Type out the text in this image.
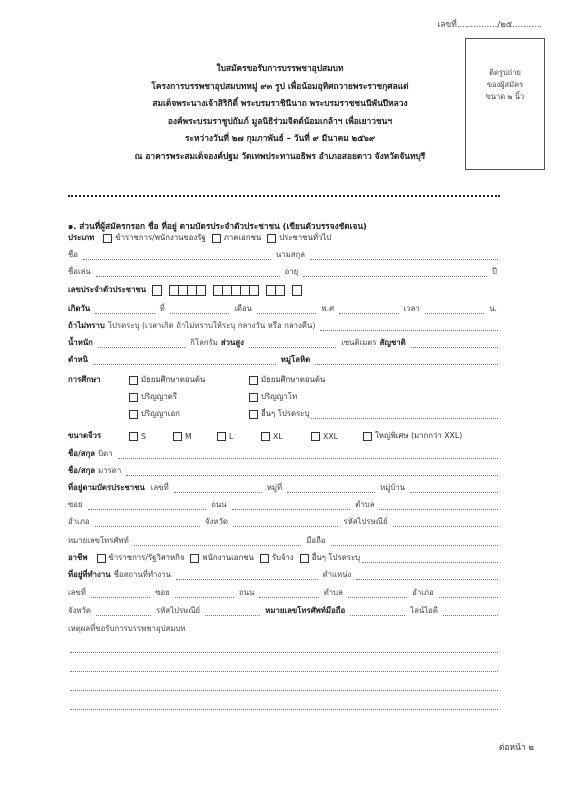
เลขที่.............../๒๕...........
ติดรูปถ่าย
ของผู้สมัคร
ขนาด ๒ นิ้ว
ใบสมัครขอรับการบรรพชาอุปสมบท
โครงการบรรพชาอุปสมบทหมู่ ๙๓ รูป เพื่อน้อมอุทิศถวายพระราชกุศลแด่
สมเด็จพระนางเจ้าสิริกิติ์ พระบรมราชินีนาถ พระบรมราชชนนีพันปีหลวง
องค์พระบรมราชูปถัมภ์ มูลนิธิร่วมจิตต์น้อมเกล้าฯ เพื่อเยาวชนฯ
ระหว่างวันที่ ๒๗ กุมภาพันธ์ – วันที่ ๙ มีนาคม ๒๕๖๙
ณ อาคารพระสมเด็จองค์ปฐม วัดเทพประทานอธิพร อำเภอสอยดาว จังหวัดจันทบุรี
๑. ส่วนที่ผู้สมัครกรอก ชื่อ ที่อยู่ ตามบัตรประจำตัวประชาชน (เขียนตัวบรรจงชัดเจน)
ประเภท	ข้าราชการ/พนักงานของรัฐ ภาคเอกชน ประชาชนทั่วไป
ชื่อ	นามสกุล
ชื่อเล่น	อายุ	ปี
เลขประจำตัวประชาชน
เกิดวัน	ที่	เดือน	พ.ศ	เวลา	น.
ถ้าไม่ทราบ โปรดระบุ (เวลาเกิด ถ้าไม่ทราบให้ระบุ กลางวัน หรือ กลางคืน)
น้ำหนัก	กิโลกรัม ส่วนสูง	เซนติเมตร สัญชาติ
ตำหนิ	หมู่โลหิต
การศึกษา	มัธยมศึกษาตอนต้น	มัธยมศึกษาตอนต้น
ปริญญาตรี	ปริญญาโท
ปริญญาเอก	อื่นๆ โปรดระบุ
ขนาดจีวร	S	M	L	XL	XXL	ใหญ่พิเศษ (มากกว่า XXL)
ชื่อ/สกุล บิดา
ชื่อ/สกุล มารดา
ที่อยู่ตามบัตรประชาชน เลขที่	หมู่ที่	หมู่บ้าน
ซอย	ถนน	ตำบล
อำเภอ	จังหวัด	รหัสไปรษณีย์
หมายเลขโทรศัพท์	มือถือ
อาชีพ	ข้าราชการ/รัฐวิสาหกิจ พนักงานเอกชน รับจ้าง อื่นๆ โปรดระบุ
ที่อยู่ที่ทำงาน ชื่อสถานที่ทำงาน	ตำแหน่ง
เลขที่	ซอย	ถนน	ตำบล	อำเภอ
จังหวัด	รหัสไปรษณีย์	หมายเลขโทรศัพท์มือถือ	ไลน์ไอดี
เหตุผลที่ขอรับการบรรพชาอุปสมบท
ต่อหน้า ๒
